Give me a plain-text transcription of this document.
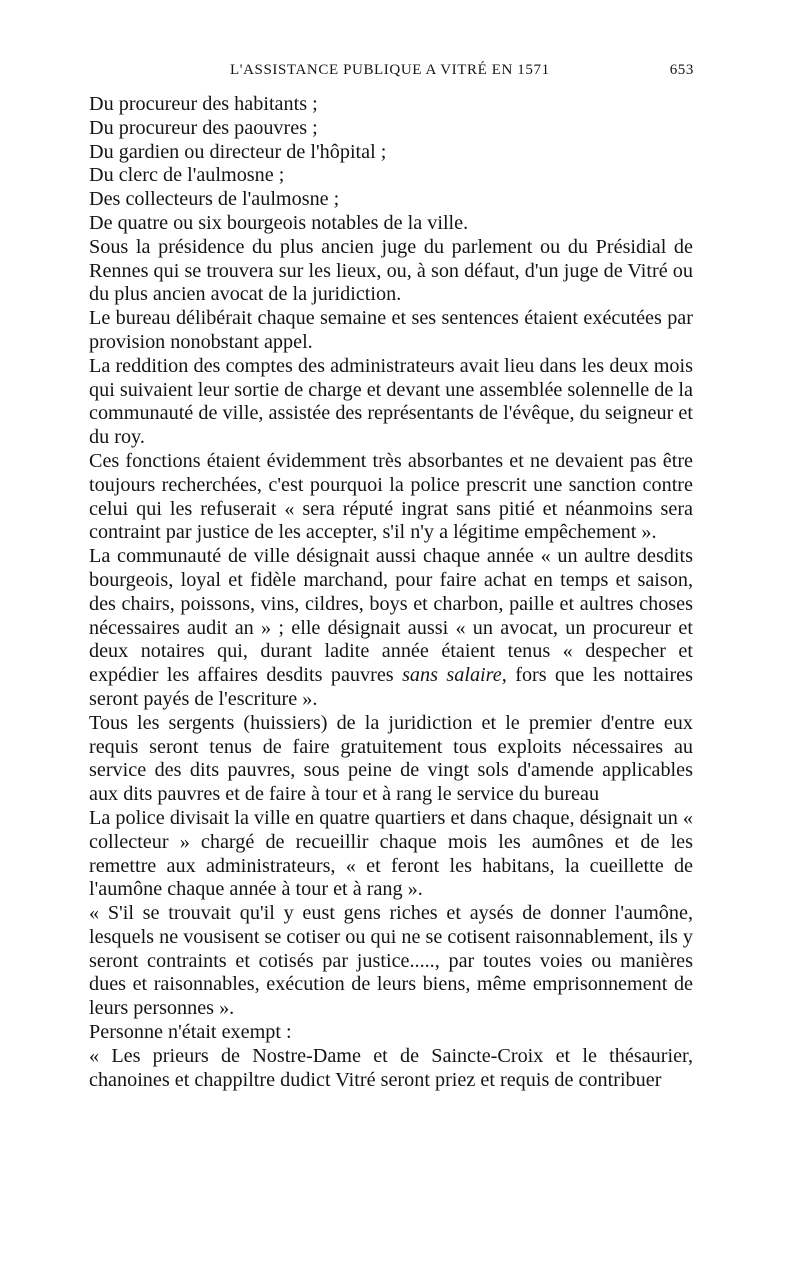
L'ASSISTANCE PUBLIQUE A VITRÉ EN 1571	653

Du procureur des habitants ;

Du procureur des paouvres ;

Du gardien ou directeur de l'hôpital ;

Du clerc de l'aulmosne ;

Des collecteurs de l'aulmosne ;

De quatre ou six bourgeois notables de la ville.

Sous la présidence du plus ancien juge du parlement ou du Présidial de Rennes qui se trouvera sur les lieux, ou, à son défaut, d'un juge de Vitré ou du plus ancien avocat de la juridiction.

Le bureau délibérait chaque semaine et ses sentences étaient exécutées par provision nonobstant appel.

La reddition des comptes des administrateurs avait lieu dans les deux mois qui suivaient leur sortie de charge et devant une assemblée solennelle de la communauté de ville, assistée des représentants de l'évêque, du seigneur et du roy.

Ces fonctions étaient évidemment très absorbantes et ne devaient pas être toujours recherchées, c'est pourquoi la police prescrit une sanction contre celui qui les refuserait « sera réputé ingrat sans pitié et néanmoins sera contraint par justice de les accepter, s'il n'y a légitime empêchement ».

La communauté de ville désignait aussi chaque année « un aultre desdits bourgeois, loyal et fidèle marchand, pour faire achat en temps et saison, des chairs, poissons, vins, cildres, boys et charbon, paille et aultres choses nécessaires audit an » ; elle désignait aussi « un avocat, un procureur et deux notaires qui, durant ladite année étaient tenus « despecher et expédier les affaires desdits pauvres sans salaire, fors que les nottaires seront payés de l'escriture ».

Tous les sergents (huissiers) de la juridiction et le premier d'entre eux requis seront tenus de faire gratuitement tous exploits nécessaires au service des dits pauvres, sous peine de vingt sols d'amende applicables aux dits pauvres et de faire à tour et à rang le service du bureau

La police divisait la ville en quatre quartiers et dans chaque, désignait un « collecteur » chargé de recueillir chaque mois les aumônes et de les remettre aux administrateurs, « et feront les habitans, la cueillette de l'aumône chaque année à tour et à rang ».

« S'il se trouvait qu'il y eust gens riches et aysés de donner l'aumône, lesquels ne vousisent se cotiser ou qui ne se cotisent raisonnablement, ils y seront contraints et cotisés par justice....., par toutes voies ou manières dues et raisonnables, exécution de leurs biens, même emprisonnement de leurs personnes ».

Personne n'était exempt :

« Les prieurs de Nostre-Dame et de Saincte-Croix et le thésaurier, chanoines et chappiltre dudict Vitré seront priez et requis de contribuer
